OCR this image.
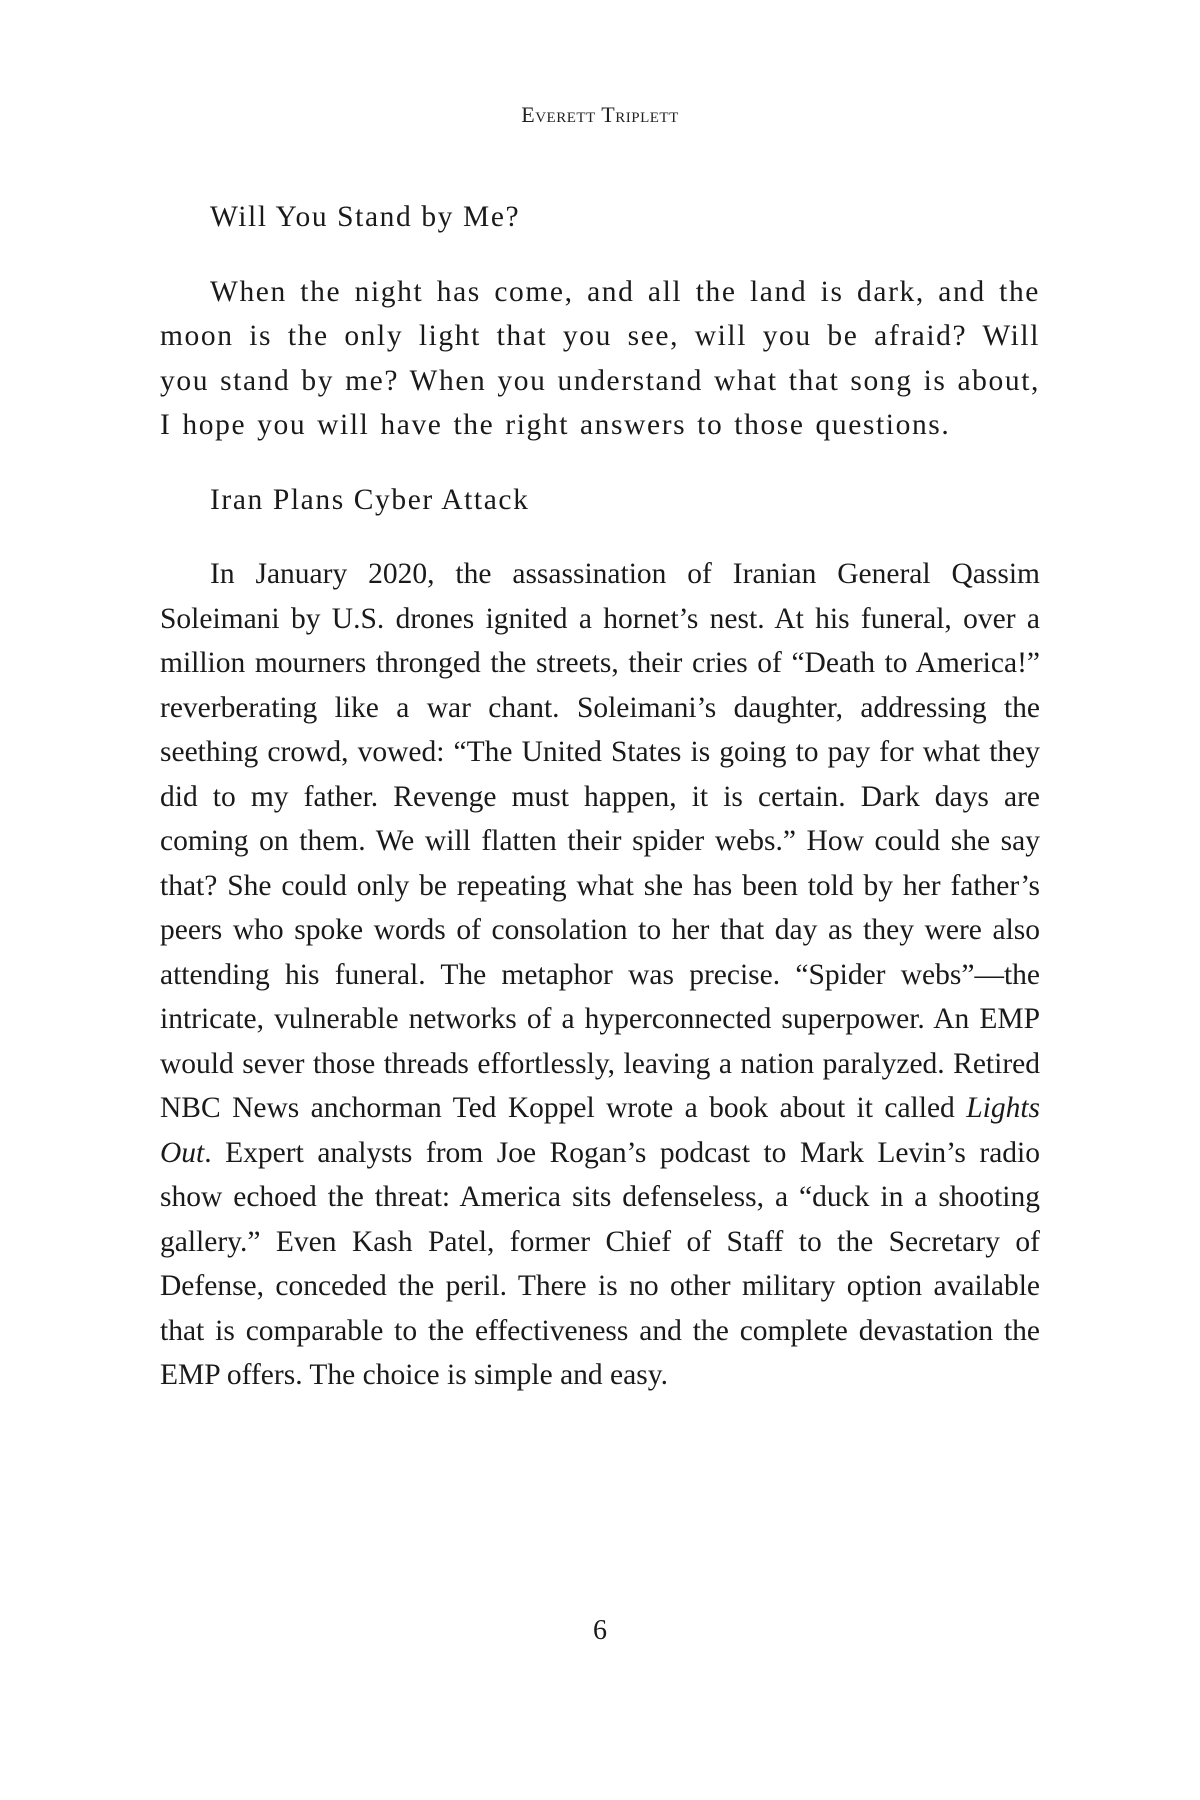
Everett Triplett

Will You Stand by Me?

When the night has come, and all the land is dark, and the moon is the only light that you see, will you be afraid? Will you stand by me? When you understand what that song is about, I hope you will have the right answers to those questions.

Iran Plans Cyber Attack

In January 2020, the assassination of Iranian General Qassim Soleimani by U.S. drones ignited a hornet’s nest. At his funeral, over a million mourners thronged the streets, their cries of “Death to America!” reverberating like a war chant. Soleimani’s daughter, addressing the seething crowd, vowed: “The United States is going to pay for what they did to my father. Revenge must happen, it is certain. Dark days are coming on them. We will flatten their spider webs.” How could she say that? She could only be repeating what she has been told by her father’s peers who spoke words of consolation to her that day as they were also attending his funeral. The metaphor was precise. “Spider webs”—the intricate, vulnerable networks of a hyperconnected superpower. An EMP would sever those threads effortlessly, leaving a nation paralyzed. Retired NBC News anchorman Ted Koppel wrote a book about it called Lights Out. Expert analysts from Joe Rogan’s podcast to Mark Levin’s radio show echoed the threat: America sits defenseless, a “duck in a shooting gallery.” Even Kash Patel, former Chief of Staff to the Secretary of Defense, conceded the peril. There is no other military option available that is comparable to the effectiveness and the complete devastation the EMP offers. The choice is simple and easy.

6
